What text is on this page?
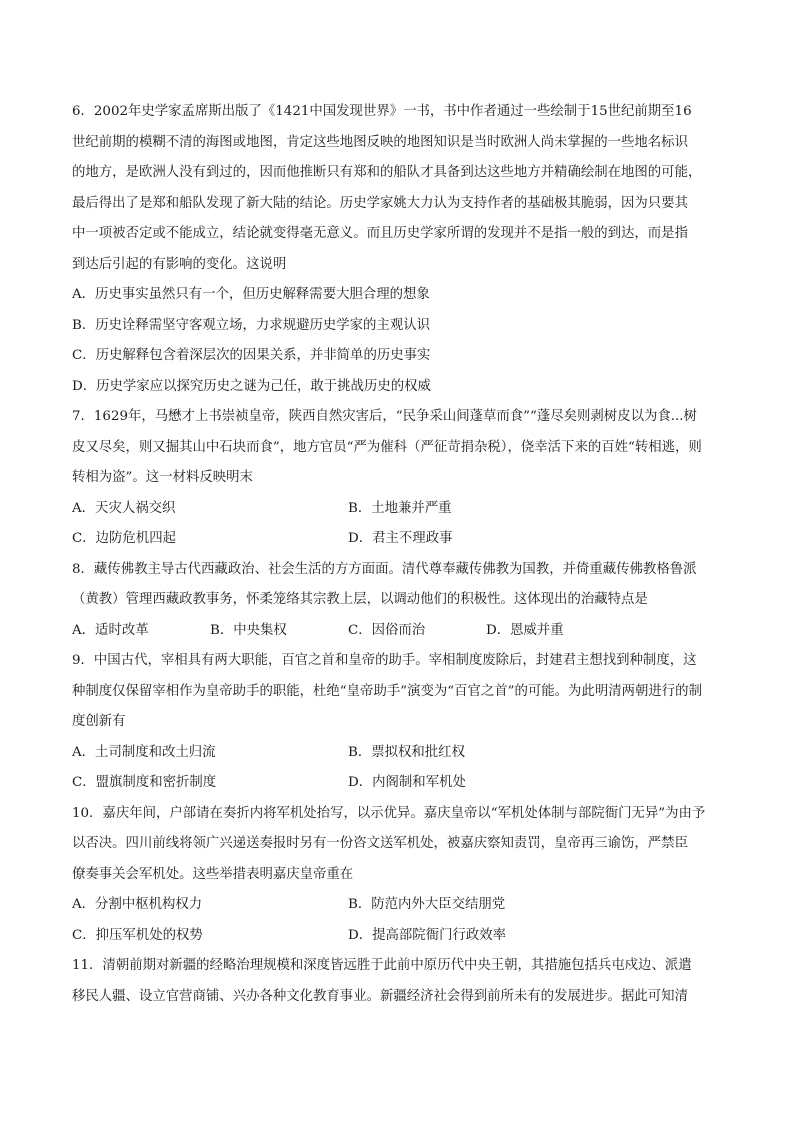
6．2002年史学家孟席斯出版了《1421中国发现世界》一书，书中作者通过一些绘制于15世纪前期至16
世纪前期的模糊不清的海图或地图，肯定这些地图反映的地图知识是当时欧洲人尚未掌握的一些地名标识
的地方，是欧洲人没有到过的，因而他推断只有郑和的船队才具备到达这些地方并精确绘制在地图的可能，
最后得出了是郑和船队发现了新大陆的结论。历史学家姚大力认为支持作者的基础极其脆弱，因为只要其
中一项被否定或不能成立，结论就变得毫无意义。而且历史学家所谓的发现并不是指一般的到达，而是指
到达后引起的有影响的变化。这说明
A．历史事实虽然只有一个，但历史解释需要大胆合理的想象
B．历史诠释需坚守客观立场，力求规避历史学家的主观认识
C．历史解释包含着深层次的因果关系，并非简单的历史事实
D．历史学家应以探究历史之谜为己任，敢于挑战历史的权威
7．1629年，马懋才上书崇祯皇帝，陕西自然灾害后，“民争采山间蓬草而食”“蓬尽矣则剥树皮以为食...树
皮又尽矣，则又掘其山中石块而食”，地方官员“严为催科（严征苛捐杂税），侥幸活下来的百姓“转相逃，则
转相为盗”。这一材料反映明末
A．天灾人祸交织	B．土地兼并严重
C．边防危机四起	D．君主不理政事
8．藏传佛教主导古代西藏政治、社会生活的方方面面。清代尊奉藏传佛教为国教，并倚重藏传佛教格鲁派
（黄教）管理西藏政教事务，怀柔笼络其宗教上层，以调动他们的积极性。这体现出的治藏特点是
A．适时改革	B．中央集权	C．因俗而治	D．恩威并重
9．中国古代，宰相具有两大职能，百官之首和皇帝的助手。宰相制度废除后，封建君主想找到种制度，这
种制度仅保留宰相作为皇帝助手的职能，杜绝“皇帝助手”演变为“百官之首”的可能。为此明清两朝进行的制
度创新有
A．土司制度和改土归流	B．票拟权和批红权
C．盟旗制度和密折制度	D．内阁制和军机处
10．嘉庆年间，户部请在奏折内将军机处抬写，以示优异。嘉庆皇帝以“军机处体制与部院衙门无异”为由予
以否决。四川前线将领广兴递送奏报时另有一份咨文送军机处，被嘉庆察知责罚，皇帝再三谕饬，严禁臣
僚奏事关会军机处。这些举措表明嘉庆皇帝重在
A．分割中枢机构权力	B．防范内外大臣交结朋党
C．抑压军机处的权势	D．提高部院衙门行政效率
11．清朝前期对新疆的经略治理规模和深度皆远胜于此前中原历代中央王朝，其措施包括兵屯戍边、派遣
移民人疆、设立官营商铺、兴办各种文化教育事业。新疆经济社会得到前所未有的发展进步。据此可知清
